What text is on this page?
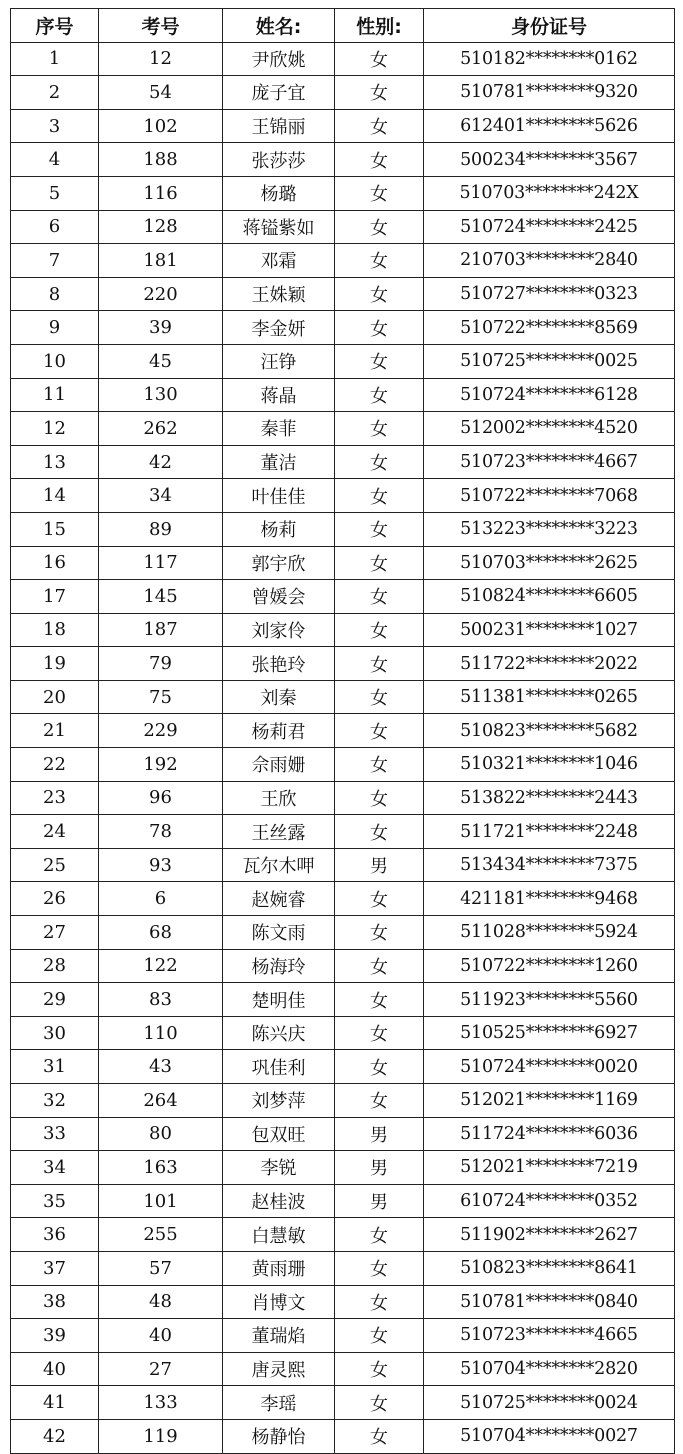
序号	考号	姓名:	性别:	身份证号
1	12	尹欣姚	女	510182********0162
2	54	庞子宜	女	510781********9320
3	102	王锦丽	女	612401********5626
4	188	张莎莎	女	500234********3567
5	116	杨璐	女	510703********242X
6	128	蒋镒紫如	女	510724********2425
7	181	邓霜	女	210703********2840
8	220	王姝颖	女	510727********0323
9	39	李金妍	女	510722********8569
10	45	汪铮	女	510725********0025
11	130	蒋晶	女	510724********6128
12	262	秦菲	女	512002********4520
13	42	董洁	女	510723********4667
14	34	叶佳佳	女	510722********7068
15	89	杨莉	女	513223********3223
16	117	郭宇欣	女	510703********2625
17	145	曾媛会	女	510824********6605
18	187	刘家伶	女	500231********1027
19	79	张艳玲	女	511722********2022
20	75	刘秦	女	511381********0265
21	229	杨莉君	女	510823********5682
22	192	佘雨姗	女	510321********1046
23	96	王欣	女	513822********2443
24	78	王丝露	女	511721********2248
25	93	瓦尔木呷	男	513434********7375
26	6	赵婉睿	女	421181********9468
27	68	陈文雨	女	511028********5924
28	122	杨海玲	女	510722********1260
29	83	楚明佳	女	511923********5560
30	110	陈兴庆	女	510525********6927
31	43	巩佳利	女	510724********0020
32	264	刘梦萍	女	512021********1169
33	80	包双旺	男	511724********6036
34	163	李锐	男	512021********7219
35	101	赵桂波	男	610724********0352
36	255	白慧敏	女	511902********2627
37	57	黄雨珊	女	510823********8641
38	48	肖博文	女	510781********0840
39	40	董瑞焰	女	510723********4665
40	27	唐灵熙	女	510704********2820
41	133	李瑶	女	510725********0024
42	119	杨静怡	女	510704********0027
